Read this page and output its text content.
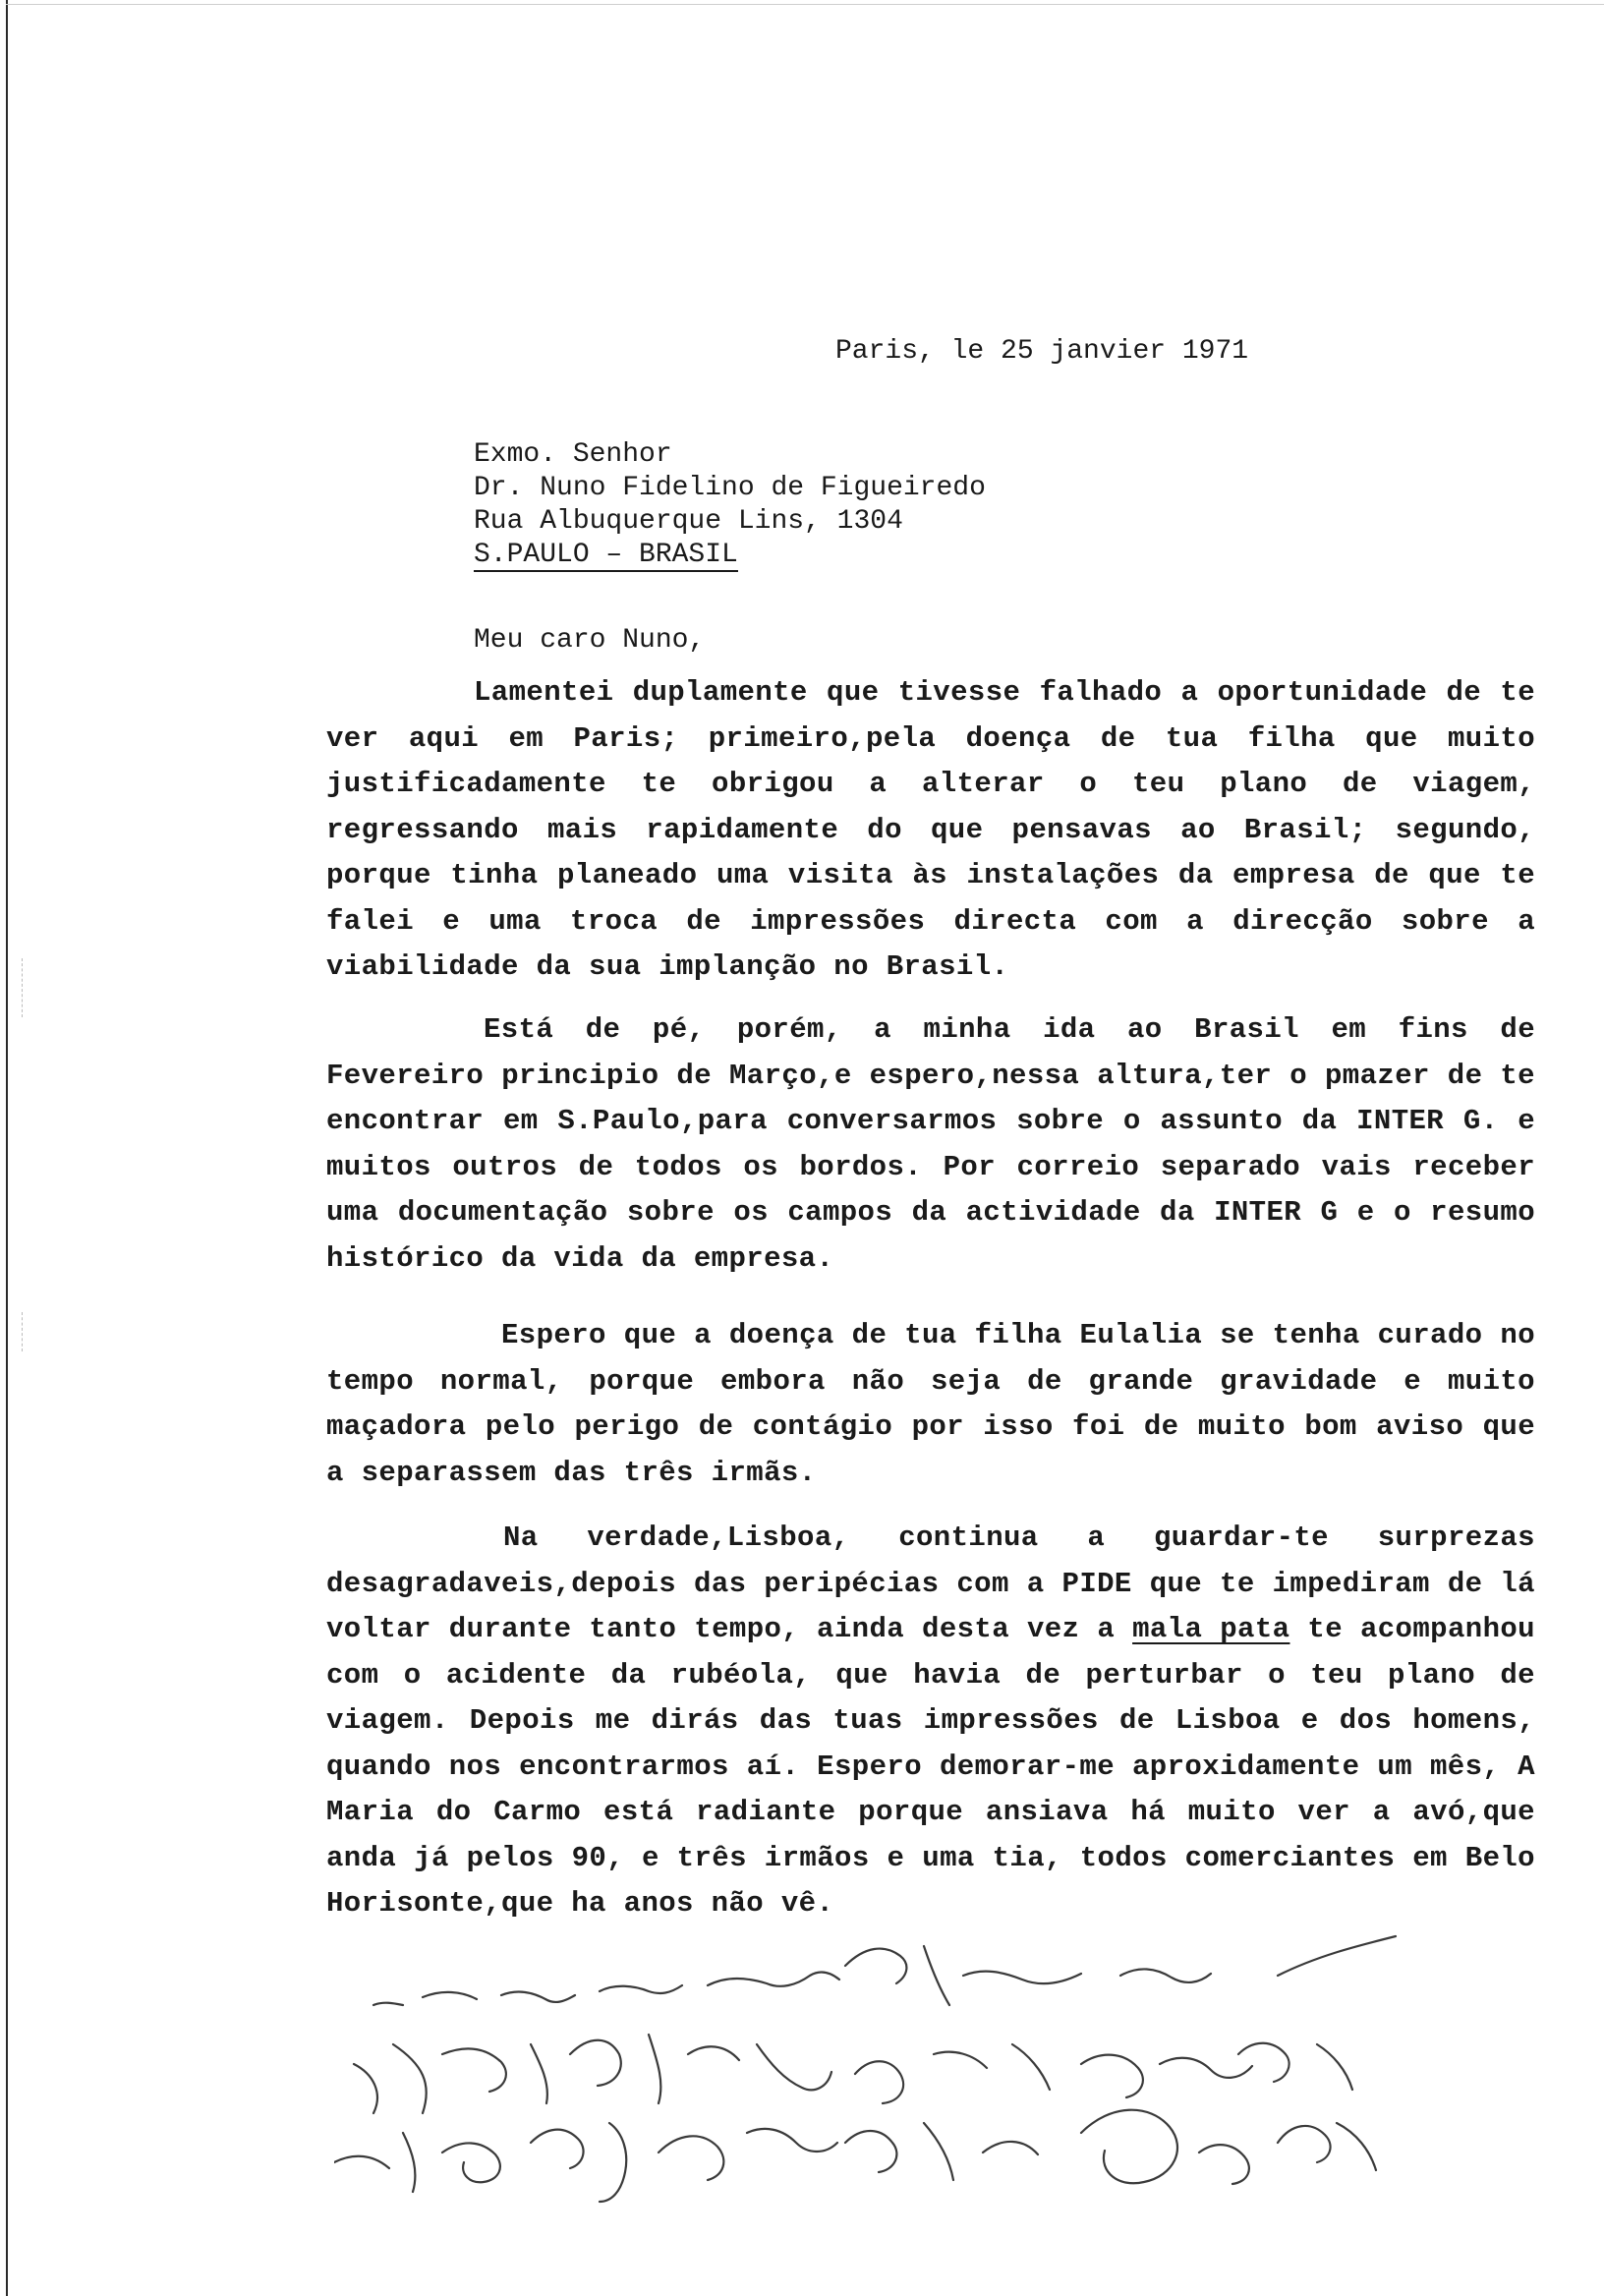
Paris, le 25 janvier 1971
Exmo. Senhor
Dr. Nuno Fidelino de Figueiredo
Rua Albuquerque Lins, 1304
S.PAULO – BRASIL
Meu caro Nuno,

Lamentei duplamente que tivesse falhado a oportunidade de te ver aqui em Paris; primeiro,pela doença de tua filha que muito justificadamente te obrigou a alterar o teu plano de viagem, regressando mais rapidamente do que pensavas ao Brasil; segundo, porque tinha planeado uma visita às instalações da empresa de que te falei e uma troca de impressões directa com a direcção sobre a viabilidade da sua implanção no Brasil.

Está de pé, porém, a minha ida ao Brasil em fins de Fevereiro principio de Março,e espero,nessa altura,ter o pmazer de te encontrar em S.Paulo,para conversarmos sobre o assunto da INTER G. e muitos outros de todos os bordos. Por correio separado vais receber uma documentação sobre os campos da actividade da INTER G e o resumo histórico da vida da empresa.

Espero que a doença de tua filha Eulalia se tenha curado no tempo normal, porque embora não seja de grande gravidade e muito maçadora pelo perigo de contágio por isso foi de muito bom aviso que a separassem das três irmãs.

Na verdade,Lisboa, continua a guardar-te surprezas desagradaveis,depois das peripécias com a PIDE que te impediram de lá voltar durante tanto tempo, ainda desta vez a mala pata te acompanhou com o acidente da rubéola, que havia de perturbar o teu plano de viagem. Depois me dirás das tuas impressões de Lisboa e dos homens, quando nos encontrarmos aí. Espero demorar-me aproxidamente um mês, A Maria do Carmo está radiante porque ansiava há muito ver a avó,que anda já pelos 90, e três irmãos e uma tia, todos comerciantes em Belo Horisonte,que ha anos não vê.
